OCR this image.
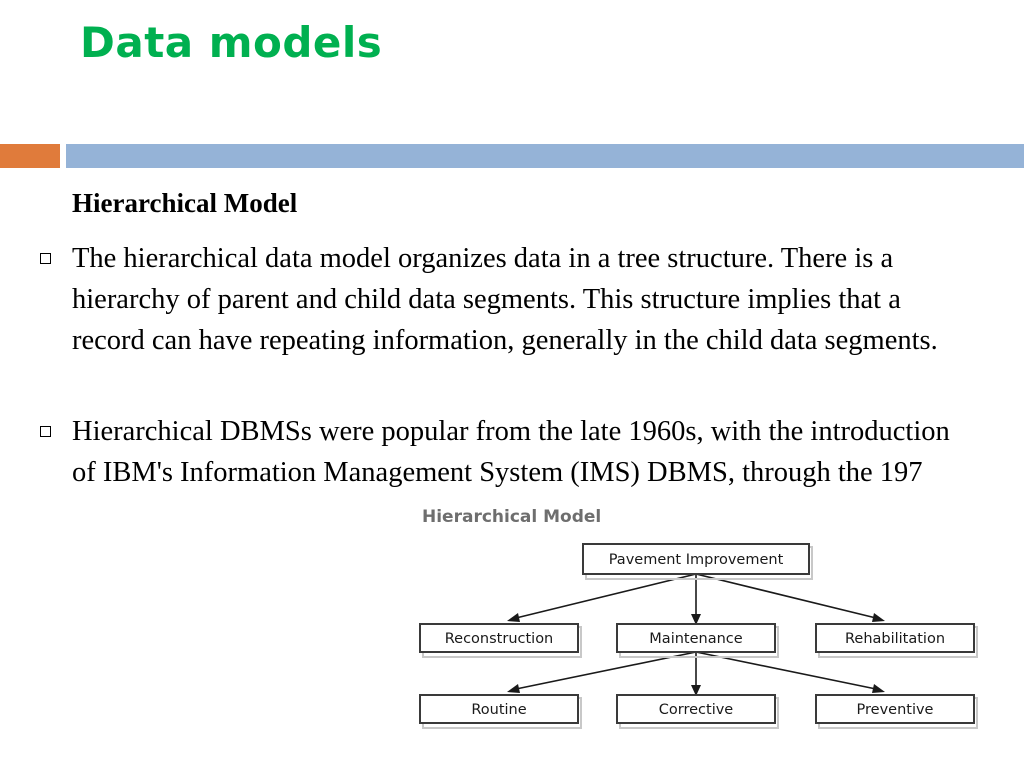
Data models
Hierarchical Model
The hierarchical data model organizes data in a tree structure. There is a hierarchy of parent and child data segments. This structure implies that a record can have repeating information, generally in the child data segments.
Hierarchical DBMSs were popular from the late 1960s, with the introduction of IBM's Information Management System (IMS) DBMS, through the 197
Hierarchical Model
Pavement Improvement
Reconstruction	Maintenance	Rehabilitation
Routine	Corrective	Preventive
